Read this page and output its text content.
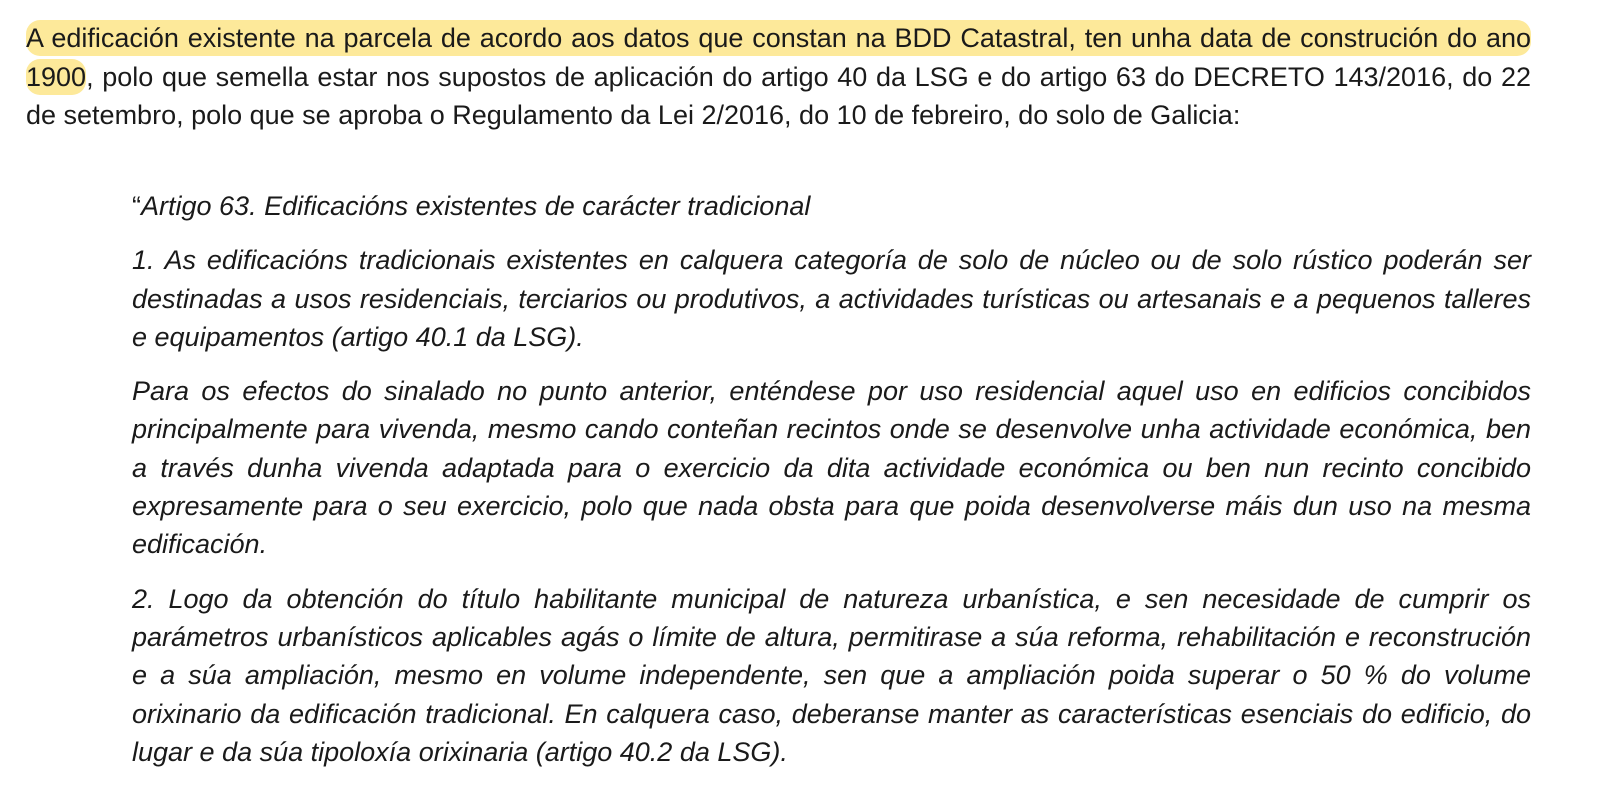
A edificación existente na parcela de acordo aos datos que constan na BDD Catastral, ten unha data de construción do ano 1900, polo que semella estar nos supostos de aplicación do artigo 40 da LSG e do artigo 63 do DECRETO 143/2016, do 22 de setembro, polo que se aproba o Regulamento da Lei 2/2016, do 10 de febreiro, do solo de Galicia:

“Artigo 63. Edificacións existentes de carácter tradicional

1. As edificacións tradicionais existentes en calquera categoría de solo de núcleo ou de solo rústico poderán ser destinadas a usos residenciais, terciarios ou produtivos, a actividades turísticas ou artesanais e a pequenos talleres e equipamentos (artigo 40.1 da LSG).

Para os efectos do sinalado no punto anterior, enténdese por uso residencial aquel uso en edificios concibidos principalmente para vivenda, mesmo cando conteñan recintos onde se desenvolve unha actividade económica, ben a través dunha vivenda adaptada para o exercicio da dita actividade económica ou ben nun recinto concibido expresamente para o seu exercicio, polo que nada obsta para que poida desenvolverse máis dun uso na mesma edificación.

2. Logo da obtención do título habilitante municipal de natureza urbanística, e sen necesidade de cumprir os parámetros urbanísticos aplicables agás o límite de altura, permitirase a súa reforma, rehabilitación e reconstrución e a súa ampliación, mesmo en volume independente, sen que a ampliación poida superar o 50 % do volume orixinario da edificación tradicional. En calquera caso, deberanse manter as características esenciais do edificio, do lugar e da súa tipoloxía orixinaria (artigo 40.2 da LSG).
